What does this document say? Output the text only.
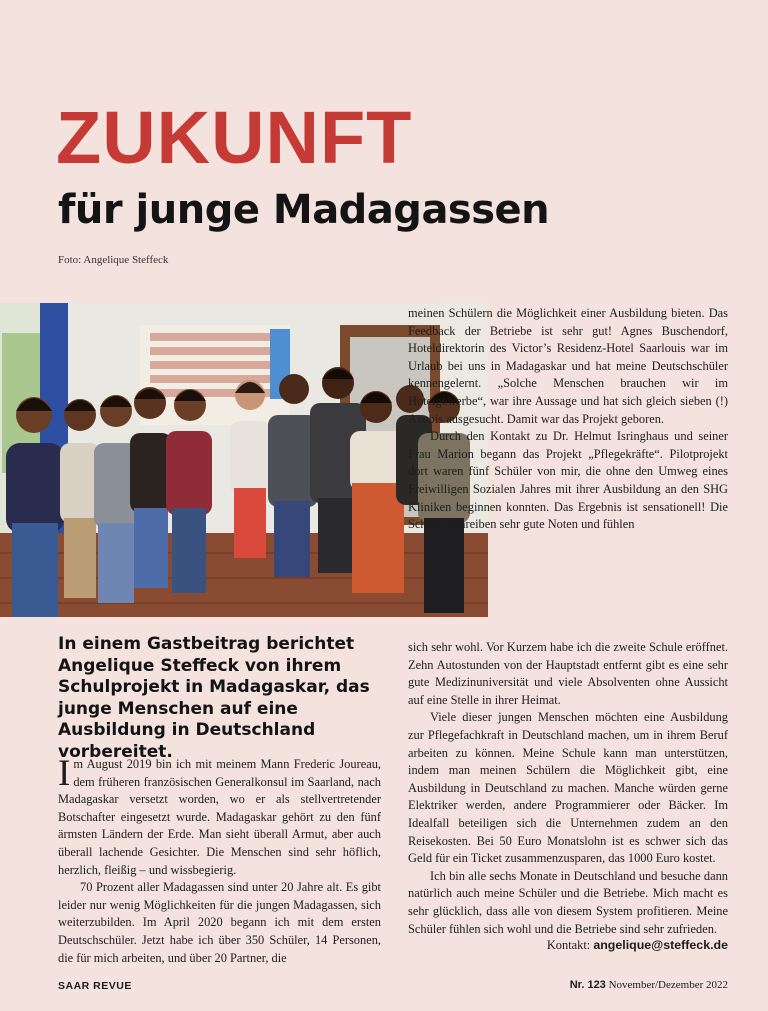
ZUKUNFT
für junge Madagassen
Foto: Angelique Steffeck
In einem Gastbeitrag berichtet Angelique Steffeck von ihrem Schulprojekt in Madagaskar, das junge Menschen auf eine Ausbildung in Deutschland vorbereitet.

Im August 2019 bin ich mit meinem Mann Frederic Joureau, dem früheren französischen Generalkonsul im Saarland, nach Madagaskar versetzt worden, wo er als stellvertretender Botschafter eingesetzt wurde. Madagaskar gehört zu den fünf ärmsten Ländern der Erde. Man sieht überall Armut, aber auch überall lachende Gesichter. Die Menschen sind sehr höflich, herzlich, fleißig – und wissbegierig.

70 Prozent aller Madagassen sind unter 20 Jahre alt. Es gibt leider nur wenig Möglichkeiten für die jungen Madagassen, sich weiterzubilden. Im April 2020 begann ich mit dem ersten Deutschschüler. Jetzt habe ich über 350 Schüler, 14 Personen, die für mich arbeiten, und über 20 Partner, die

meinen Schülern die Möglichkeit einer Ausbildung bieten. Das Feedback der Betriebe ist sehr gut! Agnes Buschendorf, Hoteldirektorin des Victor’s Residenz-Hotel Saarlouis war im Urlaub bei uns in Madagaskar und hat meine Deutschschüler kennengelernt. „Solche Menschen brauchen wir im Hotelgewerbe“, war ihre Aussage und hat sich gleich sieben (!) Azubis ausgesucht. Damit war das Projekt geboren.

Durch den Kontakt zu Dr. Helmut Isringhaus und seiner Frau Marion begann das Projekt „Pflegekräfte“. Pilotprojekt dort waren fünf Schüler von mir, die ohne den Umweg eines Freiwilligen Sozialen Jahres mit ihrer Ausbildung an den SHG Kliniken beginnen konnten. Das Ergebnis ist sensationell! Die Schüler schreiben sehr gute Noten und fühlen

sich sehr wohl. Vor Kurzem habe ich die zweite Schule eröffnet. Zehn Autostunden von der Hauptstadt entfernt gibt es eine sehr gute Medizinuniversität und viele Absolventen ohne Aussicht auf eine Stelle in ihrer Heimat.

Viele dieser jungen Menschen möchten eine Ausbildung zur Pflegefachkraft in Deutschland machen, um in ihrem Beruf arbeiten zu können. Meine Schule kann man unterstützen, indem man meinen Schülern die Möglichkeit gibt, eine Ausbildung in Deutschland zu machen. Manche würden gerne Elektriker werden, andere Programmierer oder Bäcker. Im Idealfall beteiligen sich die Unternehmen zudem an den Reisekosten. Bei 50 Euro Monatslohn ist es schwer sich das Geld für ein Ticket zusammenzusparen, das 1000 Euro kostet.

Ich bin alle sechs Monate in Deutschland und besuche dann natürlich auch meine Schüler und die Betriebe. Mich macht es sehr glücklich, dass alle von diesem System profitieren. Meine Schüler fühlen sich wohl und die Betriebe sind sehr zufrieden.

Kontakt: angelique@steffeck.de
SAAR REVUE	Nr. 123 November/Dezember 2022
